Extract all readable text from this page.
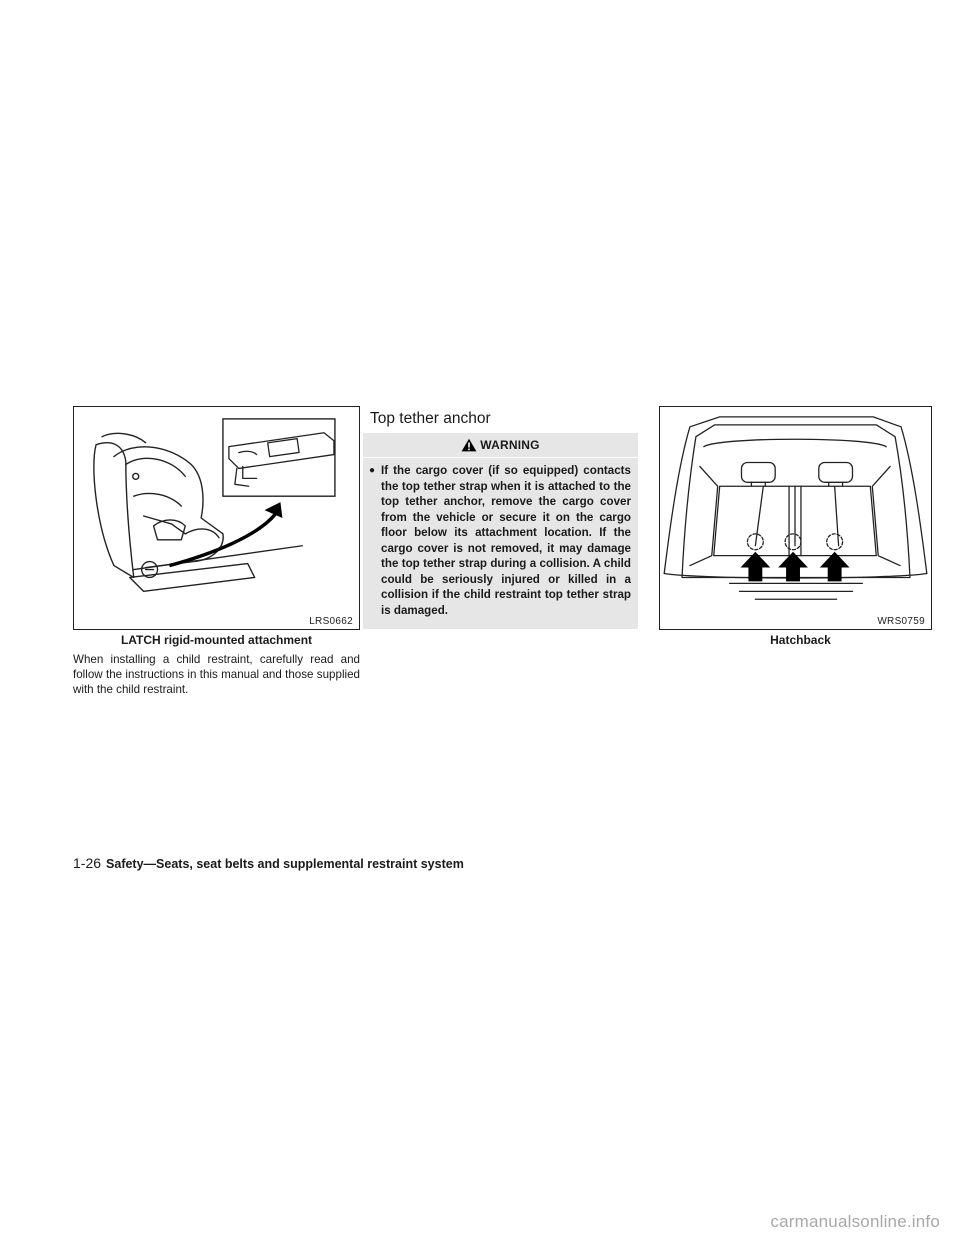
LRS0662
LATCH rigid-mounted attachment

When installing a child restraint, carefully read and follow the instructions in this manual and those supplied with the child restraint.

Top tether anchor
WARNING
● If the cargo cover (if so equipped) contacts the top tether strap when it is attached to the top tether anchor, remove the cargo cover from the vehicle or secure it on the cargo floor below its attachment location. If the cargo cover is not removed, it may damage the top tether strap during a collision. A child could be seriously injured or killed in a collision if the child restraint top tether strap is damaged.

WRS0759
Hatchback
1-26 Safety—Seats, seat belts and supplemental restraint system
carmanualsonline.info
